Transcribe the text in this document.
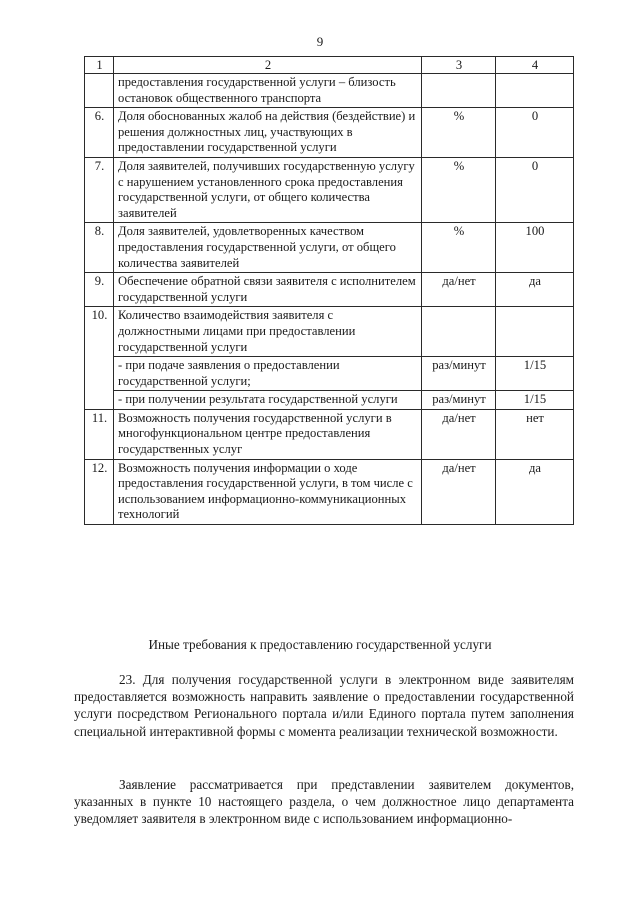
9
1	2	3	4
	предоставления государственной услуги – близость остановок общественного транспорта		
6.	Доля обоснованных жалоб на действия (бездействие) и решения должностных лиц, участвующих в предоставлении государственной услуги	%	0
7.	Доля заявителей, получивших государственную услугу с нарушением установленного срока предоставления государственной услуги, от общего количества заявителей	%	0
8.	Доля заявителей, удовлетворенных качеством предоставления государственной услуги, от общего количества заявителей	%	100
9.	Обеспечение обратной связи заявителя с исполнителем государственной услуги	да/нет	да
10.	Количество взаимодействия заявителя с должностными лицами при предоставлении государственной услуги		
	- при подаче заявления о предоставлении государственной услуги;	раз/минут	1/15
	- при получении результата государственной услуги	раз/минут	1/15
11.	Возможность получения государственной услуги в многофункциональном центре предоставления государственных услуг	да/нет	нет
12.	Возможность получения информации о ходе предоставления государственной услуги, в том числе с использованием информационно-коммуникационных технологий	да/нет	да
Иные требования к предоставлению государственной услуги
23. Для получения государственной услуги в электронном виде заявителям предоставляется возможность направить заявление о предоставлении государственной услуги посредством Регионального портала и/или Единого портала путем заполнения специальной интерактивной формы с момента реализации технической возможности.
Заявление рассматривается при представлении заявителем документов, указанных в пункте 10 настоящего раздела, о чем должностное лицо департамента уведомляет заявителя в электронном виде с использованием информационно-
